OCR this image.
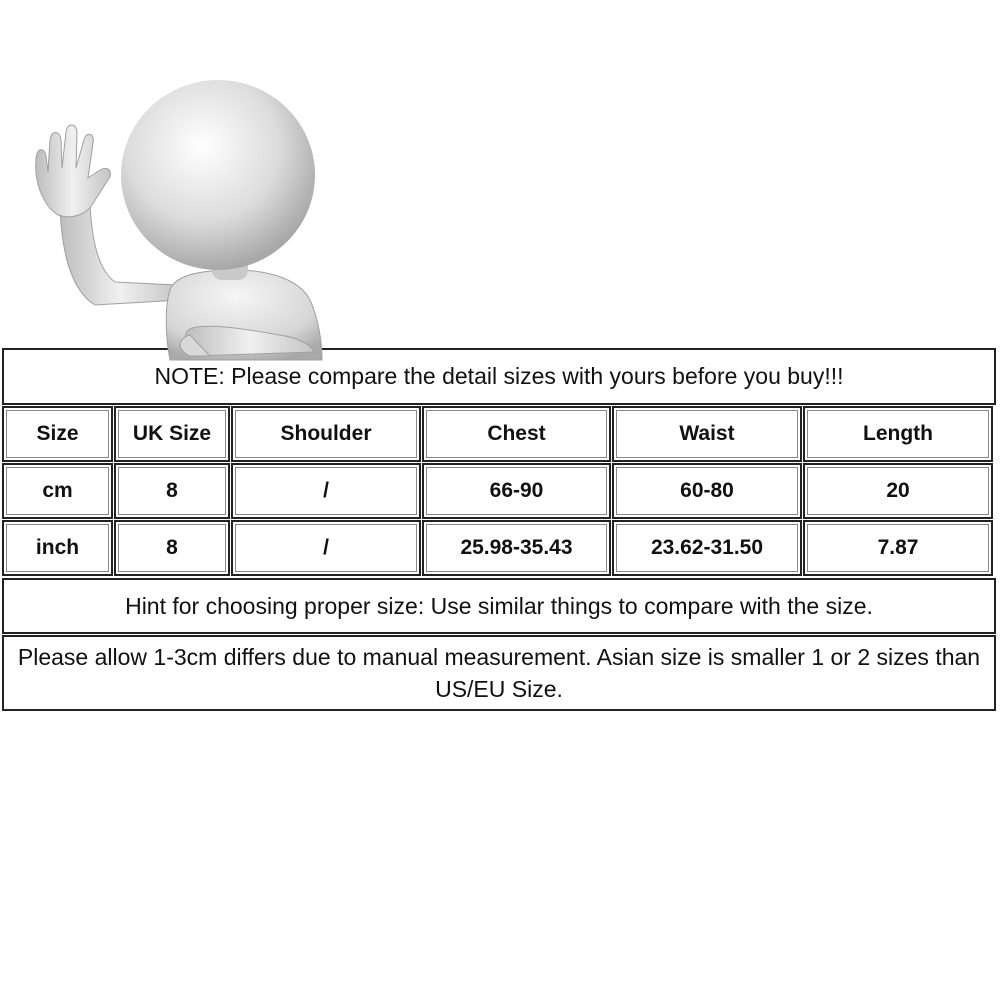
NOTE: Please compare the detail sizes with yours before you buy!!!
Size	UK Size	Shoulder	Chest	Waist	Length
cm	8	/	66-90	60-80	20
inch	8	/	25.98-35.43	23.62-31.50	7.87
Hint for choosing proper size: Use similar things to compare with the size.
Please allow 1-3cm differs due to manual measurement. Asian size is smaller 1 or 2 sizes than US/EU Size.
